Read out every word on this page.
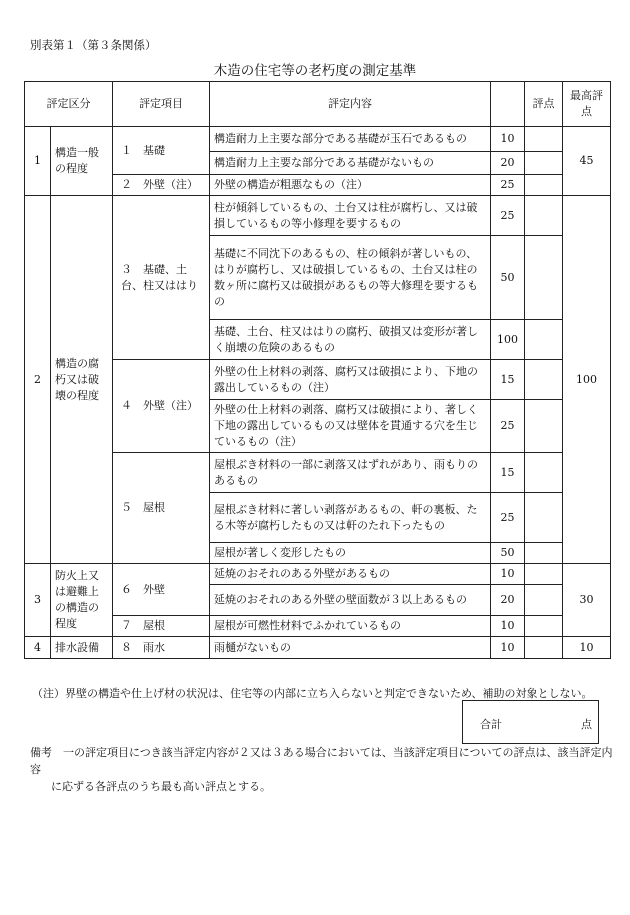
別表第１（第３条関係）
木造の住宅等の老朽度の測定基準
評定区分		評定項目	評定内容		評点	最高評点
1	構造一般の程度	１　基礎	構造耐力上主要な部分である基礎が玉石であるもの	10		45
			構造耐力上主要な部分である基礎がないもの	20		
		２　外壁（注）	外壁の構造が粗悪なもの（注）	25		
2	構造の腐朽又は破壊の程度	３　基礎、土台、柱又ははり	柱が傾斜しているもの、土台又は柱が腐朽し、又は破損しているもの等小修理を要するもの	25		100
			基礎に不同沈下のあるもの、柱の傾斜が著しいもの、はりが腐朽し、又は破損しているもの、土台又は柱の数ヶ所に腐朽又は破損があるもの等大修理を要するもの	50		
			基礎、土台、柱又ははりの腐朽、破損又は変形が著しく崩壊の危険のあるもの	100		
		４　外壁（注）	外壁の仕上材料の剥落、腐朽又は破損により、下地の露出しているもの（注）	15		
			外壁の仕上材料の剥落、腐朽又は破損により、著しく下地の露出しているもの又は壁体を貫通する穴を生じているもの（注）	25		
		５　屋根	屋根ぶき材料の一部に剥落又はずれがあり、雨もりのあるもの	15		
			屋根ぶき材料に著しい剥落があるもの、軒の裏板、たる木等が腐朽したもの又は軒のたれ下ったもの	25		
			屋根が著しく変形したもの	50		
3	防火上又は避難上の構造の程度	６　外壁	延焼のおそれのある外壁があるもの	10		30
			延焼のおそれのある外壁の壁面数が３以上あるもの	20		
		７　屋根	屋根が可燃性材料でふかれているもの	10		
4	排水設備	８　雨水	雨樋がないもの	10		10
（注）界壁の構造や仕上げ材の状況は、住宅等の内部に立ち入らないと判定できないため、補助の対象としない。
合計	点
備考　一の評定項目につき該当評定内容が２又は３ある場合においては、当該評定項目についての評点は、該当評定内容
に応ずる各評点のうち最も高い評点とする。
